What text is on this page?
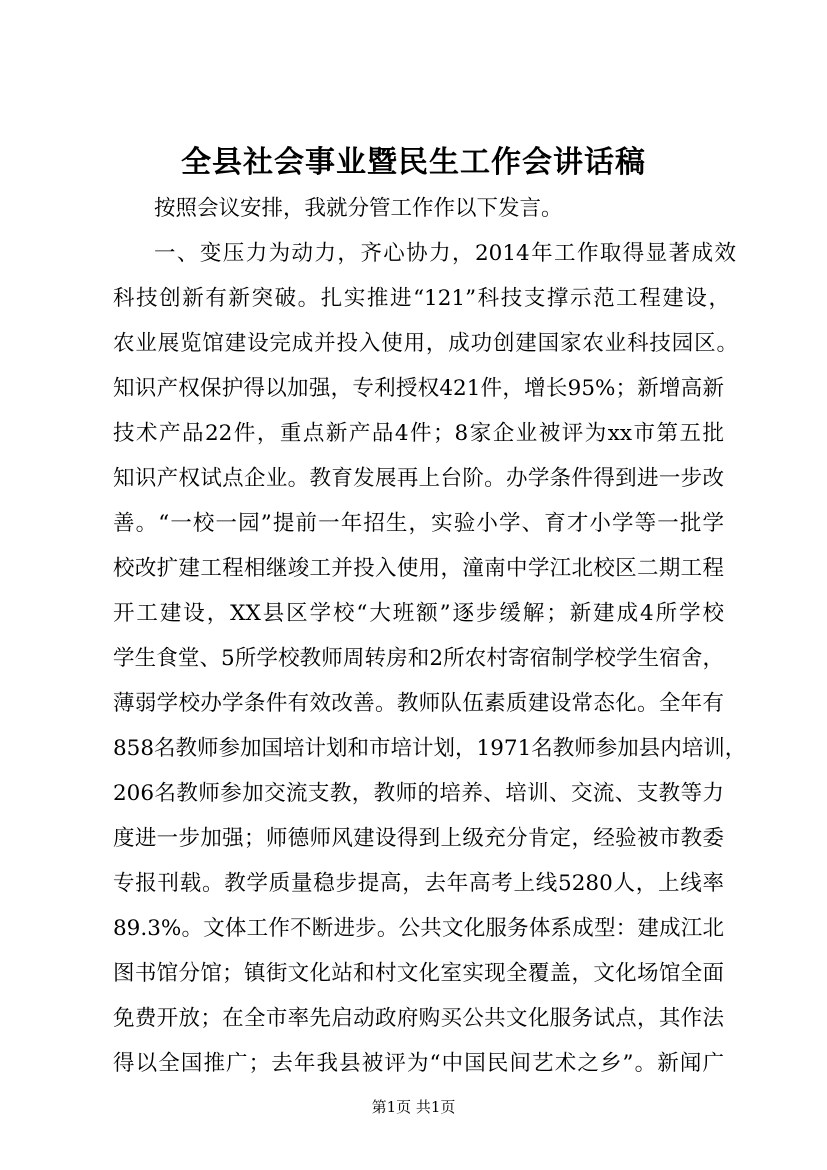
全县社会事业暨民生工作会讲话稿
按照会议安排，我就分管工作作以下发言。
一、变压力为动力，齐心协力，2014年工作取得显著成效
科技创新有新突破。扎实推进“121”科技支撑示范工程建设，
农业展览馆建设完成并投入使用，成功创建国家农业科技园区。
知识产权保护得以加强，专利授权421件，增长95%；新增高新
技术产品22件，重点新产品4件；8家企业被评为xx市第五批
知识产权试点企业。教育发展再上台阶。办学条件得到进一步改
善。“一校一园”提前一年招生，实验小学、育才小学等一批学
校改扩建工程相继竣工并投入使用，潼南中学江北校区二期工程
开工建设，XX县区学校“大班额”逐步缓解；新建成4所学校
学生食堂、5所学校教师周转房和2所农村寄宿制学校学生宿舍，
薄弱学校办学条件有效改善。教师队伍素质建设常态化。全年有
858名教师参加国培计划和市培计划，1971名教师参加县内培训，
206名教师参加交流支教，教师的培养、培训、交流、支教等力
度进一步加强；师德师风建设得到上级充分肯定，经验被市教委
专报刊载。教学质量稳步提高，去年高考上线5280人，上线率
89.3%。文体工作不断进步。公共文化服务体系成型：建成江北
图书馆分馆；镇街文化站和村文化室实现全覆盖，文化场馆全面
免费开放；在全市率先启动政府购买公共文化服务试点，其作法
得以全国推广；去年我县被评为“中国民间艺术之乡”。新闻广
第1页 共1页
